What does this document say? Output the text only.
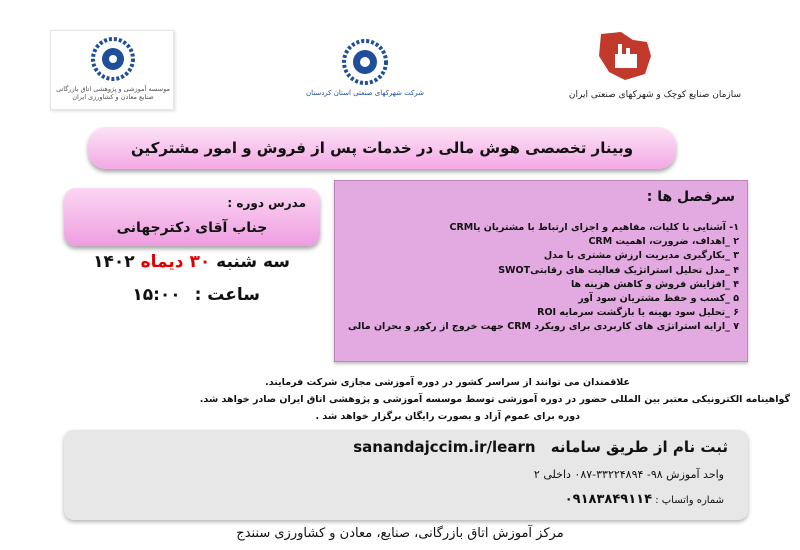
سازمان صنایع کوچک و شهرکهای صنعتی ایران
شرکت شهرکهای صنعتی استان کردستان
موسسه آموزشی و پژوهشی اتاق بازرگانی صنایع معادن و کشاورزی ایران
وبینار تخصصی هوش مالی در خدمات پس از فروش و امور مشترکین
مدرس دوره :
جناب آقای دکترجهانی
سه شنبه ۳۰ دیماه ۱۴۰۲
ساعت : ۱۵:۰۰
سرفصل ها :
۱- آشنایی با کلیات، مفاهیم و اجزای ارتباط با مشتریان یاCRM
۲ _اهداف، ضرورت، اهمیت CRM
۳ _بکارگیری مدیریت ارزش مشتری با مدل
۴ _مدل تحلیل استراتژیک فعالیت های رقابتیSWOT
۴ _افزایش فروش و کاهش هزینه ها
۵ _کسب و حفظ مشتریان سود آور
۶ _تحلیل سود بهینه یا بازگشت سرمایه ROI
۷ _ارایه استراتژی های کاربردی برای رویکرد CRM جهت خروج از رکور و بحران مالی

علاقمندان می توانند از سراسر کشور در دوره آموزشی مجازی شرکت فرمایند.

گواهینامه الکترونیکی معتبر بین المللی حضور در دوره آموزشی توسط موسسه آموزشی و پژوهشی اتاق ایران صادر خواهد شد.

دوره برای عموم آزاد و بصورت رایگان برگزار خواهد شد .

ثبت نام از طریق سامانه sanandajccim.ir/learn
واحد آموزش ۹۸- ۳۳۲۲۴۸۹۴-۰۸۷ داخلی ۲
شماره واتساپ : ۰۹۱۸۳۸۴۹۱۱۴
مرکز آموزش اتاق بازرگانی، صنایع، معادن و کشاورزی سنندج
